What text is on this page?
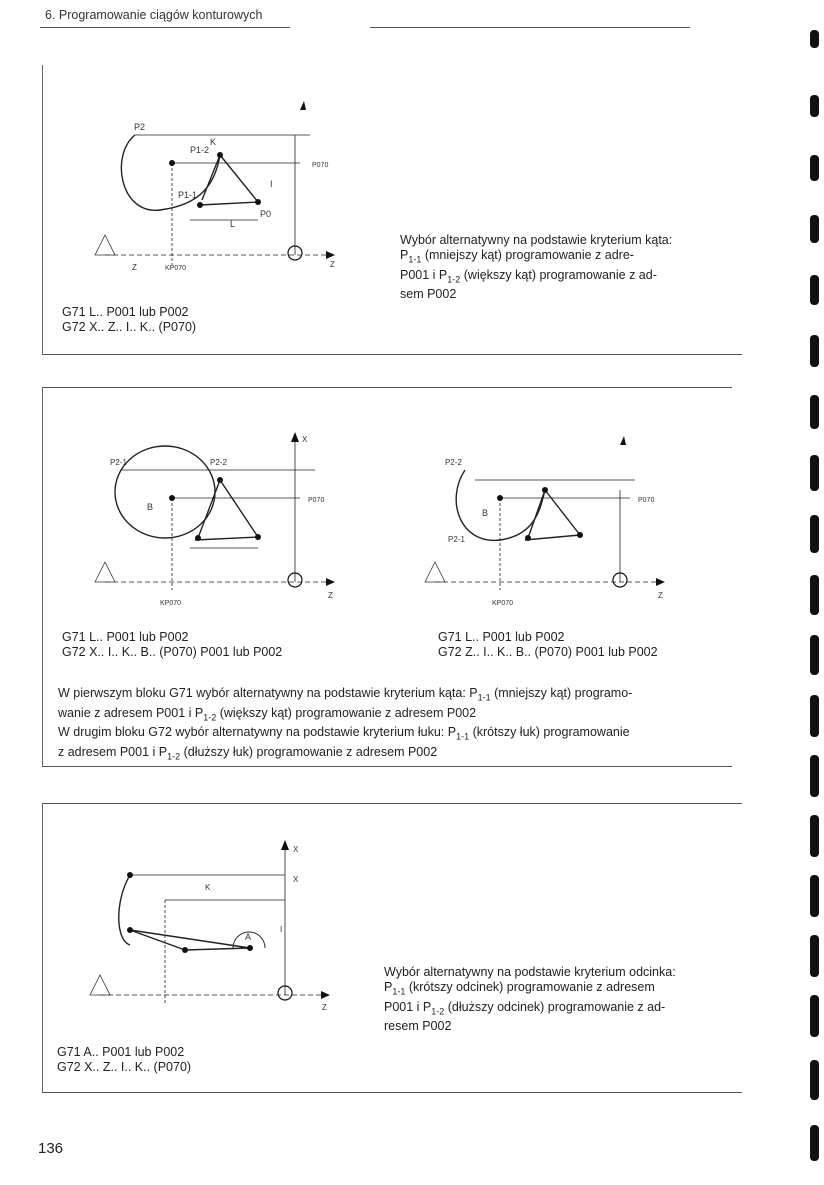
6. Programowanie ciągów konturowych
P2
P1-2
P1-1
P0
K
I
L
P070
Z	KP070	Z
Wybór alternatywny na podstawie kryterium kąta:
$P_{1-1}$ (mniejszy kąt) programowanie z adre-
P001 i $P_{1-2}$ (większy kąt) programowanie z ad-
sem P002
G71 L.. P001 lub P002
G72 X.. Z.. I.. K.. (P070)
P2-1	P2-2
B
X
P070
KP070
Z
P2-2
P2-1
B
P070
KP070
Z
G71 L.. P001 lub P002
G72 X.. I.. K.. B.. (P070) P001 lub P002
G71 L.. P001 lub P002
G72 Z.. I.. K.. B.. (P070) P001 lub P002
W pierwszym bloku G71 wybór alternatywny na podstawie kryterium kąta: $P_{1-1}$ (mniejszy kąt) programo-
wanie z adresem P001 i $P_{1-2}$ (większy kąt) programowanie z adresem P002
W drugim bloku G72 wybór alternatywny na podstawie kryterium łuku: $P_{1-1}$ (krótszy łuk) programowanie
z adresem P001 i $P_{1-2}$ (dłuższy łuk) programowanie z adresem P002
A
X
X
I
K
Z
Wybór alternatywny na podstawie kryterium odcinka:
$P_{1-1}$ (krótszy odcinek) programowanie z adresem
P001 i $P_{1-2}$ (dłuższy odcinek) programowanie z ad-
resem P002
G71 A.. P001 lub P002
G72 X.. Z.. I.. K.. (P070)
136
